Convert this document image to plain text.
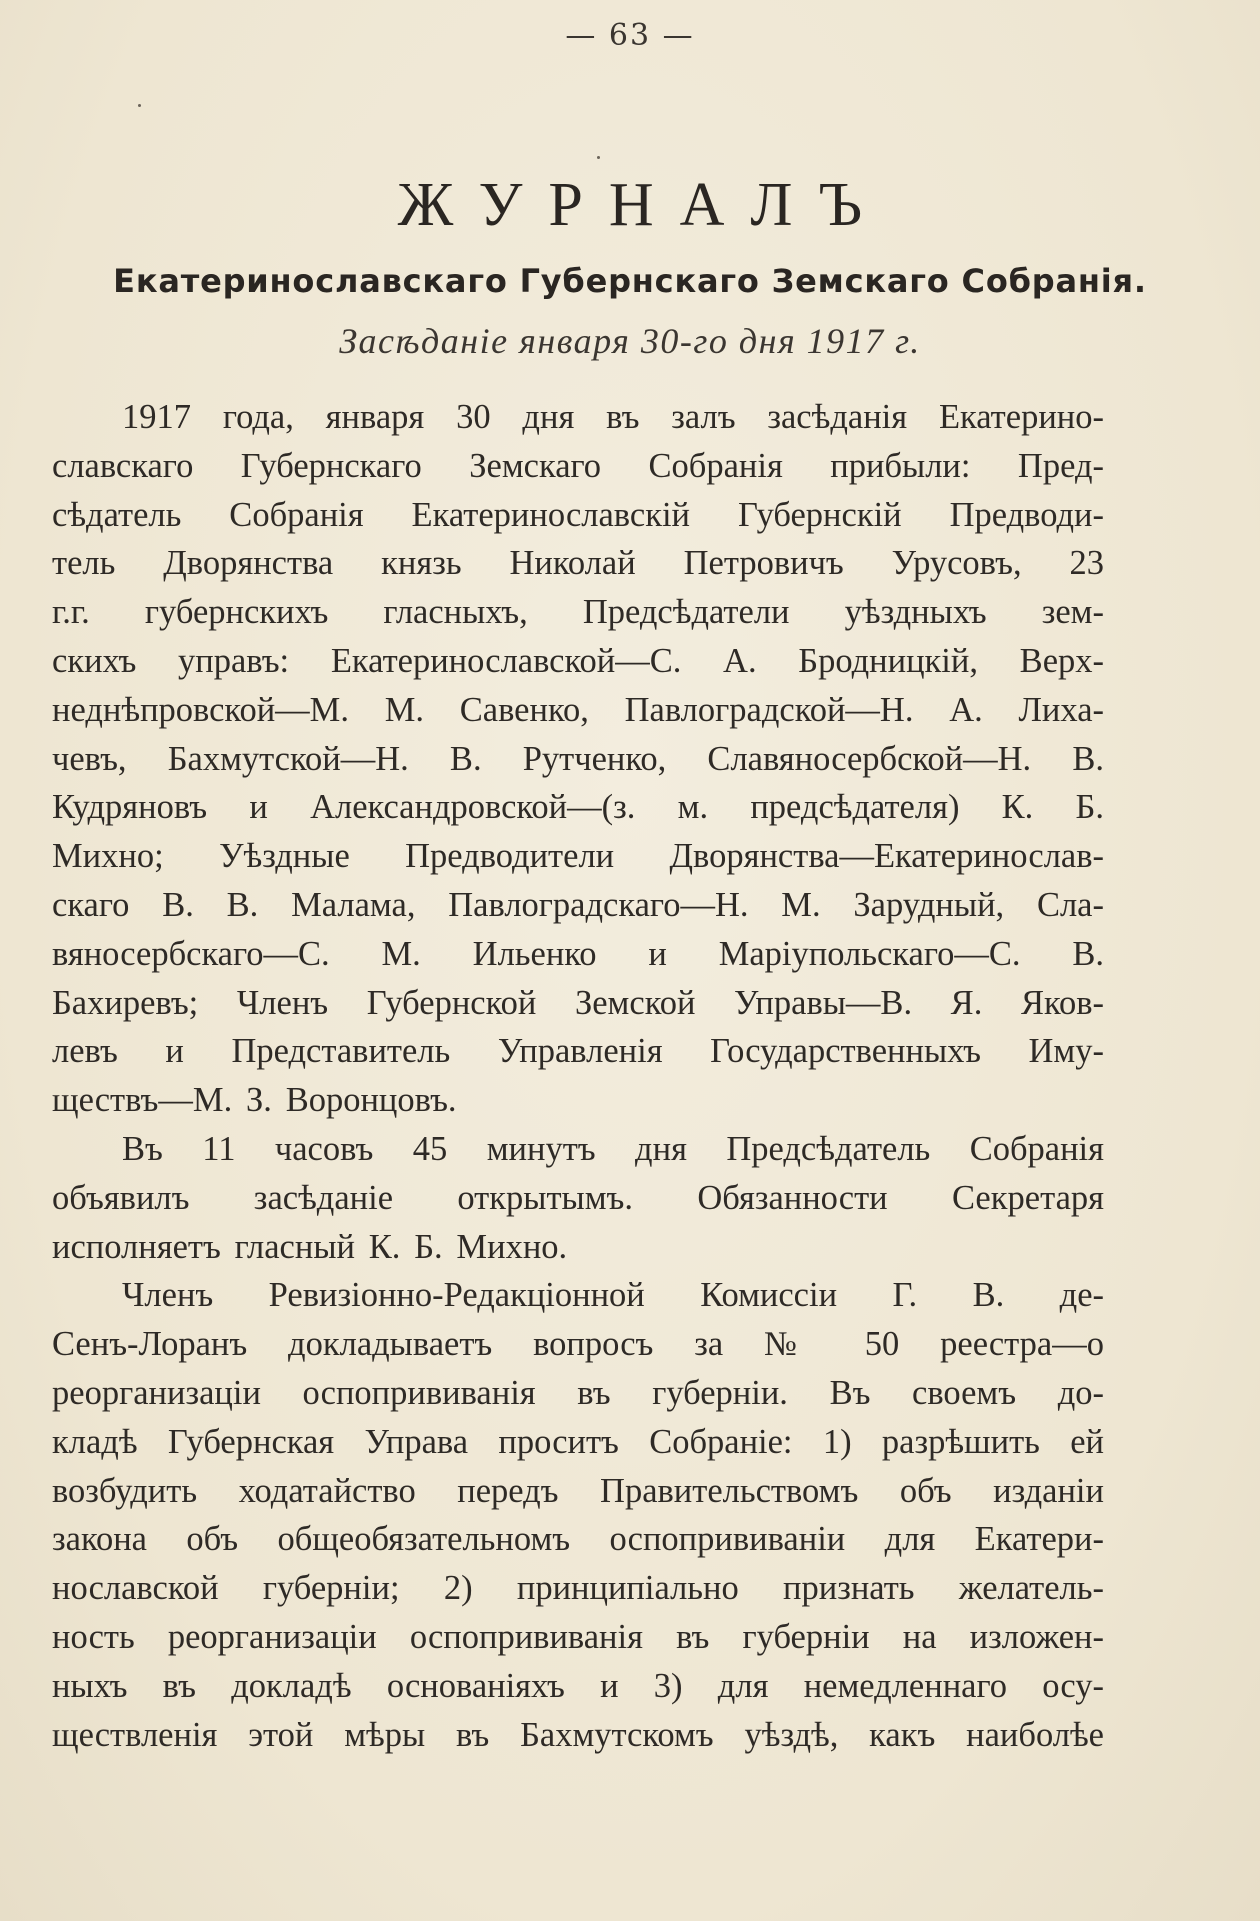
— 63 —
ЖУРНАЛЪ
Екатеринославскаго Губернскаго Земскаго Собранія.
Засѣданіе января 30-го дня 1917 г.
1917 года, января 30 дня въ залъ засѣданія Екатерино-
славскаго Губернскаго Земскаго Собранія прибыли: Пред-
сѣдатель Собранія Екатеринославскій Губернскій Предводи-
тель Дворянства князь Николай Петровичъ Урусовъ, 23
г.г. губернскихъ гласныхъ, Предсѣдатели уѣздныхъ зем-
скихъ управъ: Екатеринославской—С. А. Бродницкій, Верх-
неднѣпровской—М. М. Савенко, Павлоградской—Н. А. Лиха-
чевъ, Бахмутской—Н. В. Рутченко, Славяносербской—Н. В.
Кудряновъ и Александровской—(з. м. предсѣдателя) К. Б.
Михно; Уѣздные Предводители Дворянства—Екатеринослав-
скаго В. В. Малама, Павлоградскаго—Н. М. Зарудный, Сла-
вяносербскаго—С. М. Ильенко и Маріупольскаго—С. В.
Бахиревъ; Членъ Губернской Земской Управы—В. Я. Яков-
левъ и Представитель Управленія Государственныхъ Иму-
ществъ—М. З. Воронцовъ.
Въ 11 часовъ 45 минутъ дня Предсѣдатель Собранія
объявилъ засѣданіе открытымъ. Обязанности Секретаря
исполняетъ гласный К. Б. Михно.
Членъ Ревизіонно-Редакціонной Комиссіи Г. В. де-
Сенъ-Лоранъ докладываетъ вопросъ за № 50 реестра—о
реорганизаціи оспопрививанія въ губерніи. Въ своемъ до-
кладѣ Губернская Управа проситъ Собраніе: 1) разрѣшить ей
возбудить ходатайство передъ Правительствомъ объ изданіи
закона объ общеобязательномъ оспопрививаніи для Екатери-
нославской губерніи; 2) принципіально признать желатель-
ность реорганизаціи оспопрививанія въ губерніи на изложен-
ныхъ въ докладѣ основаніяхъ и 3) для немедленнаго осу-
ществленія этой мѣры въ Бахмутскомъ уѣздѣ, какъ наиболѣе
